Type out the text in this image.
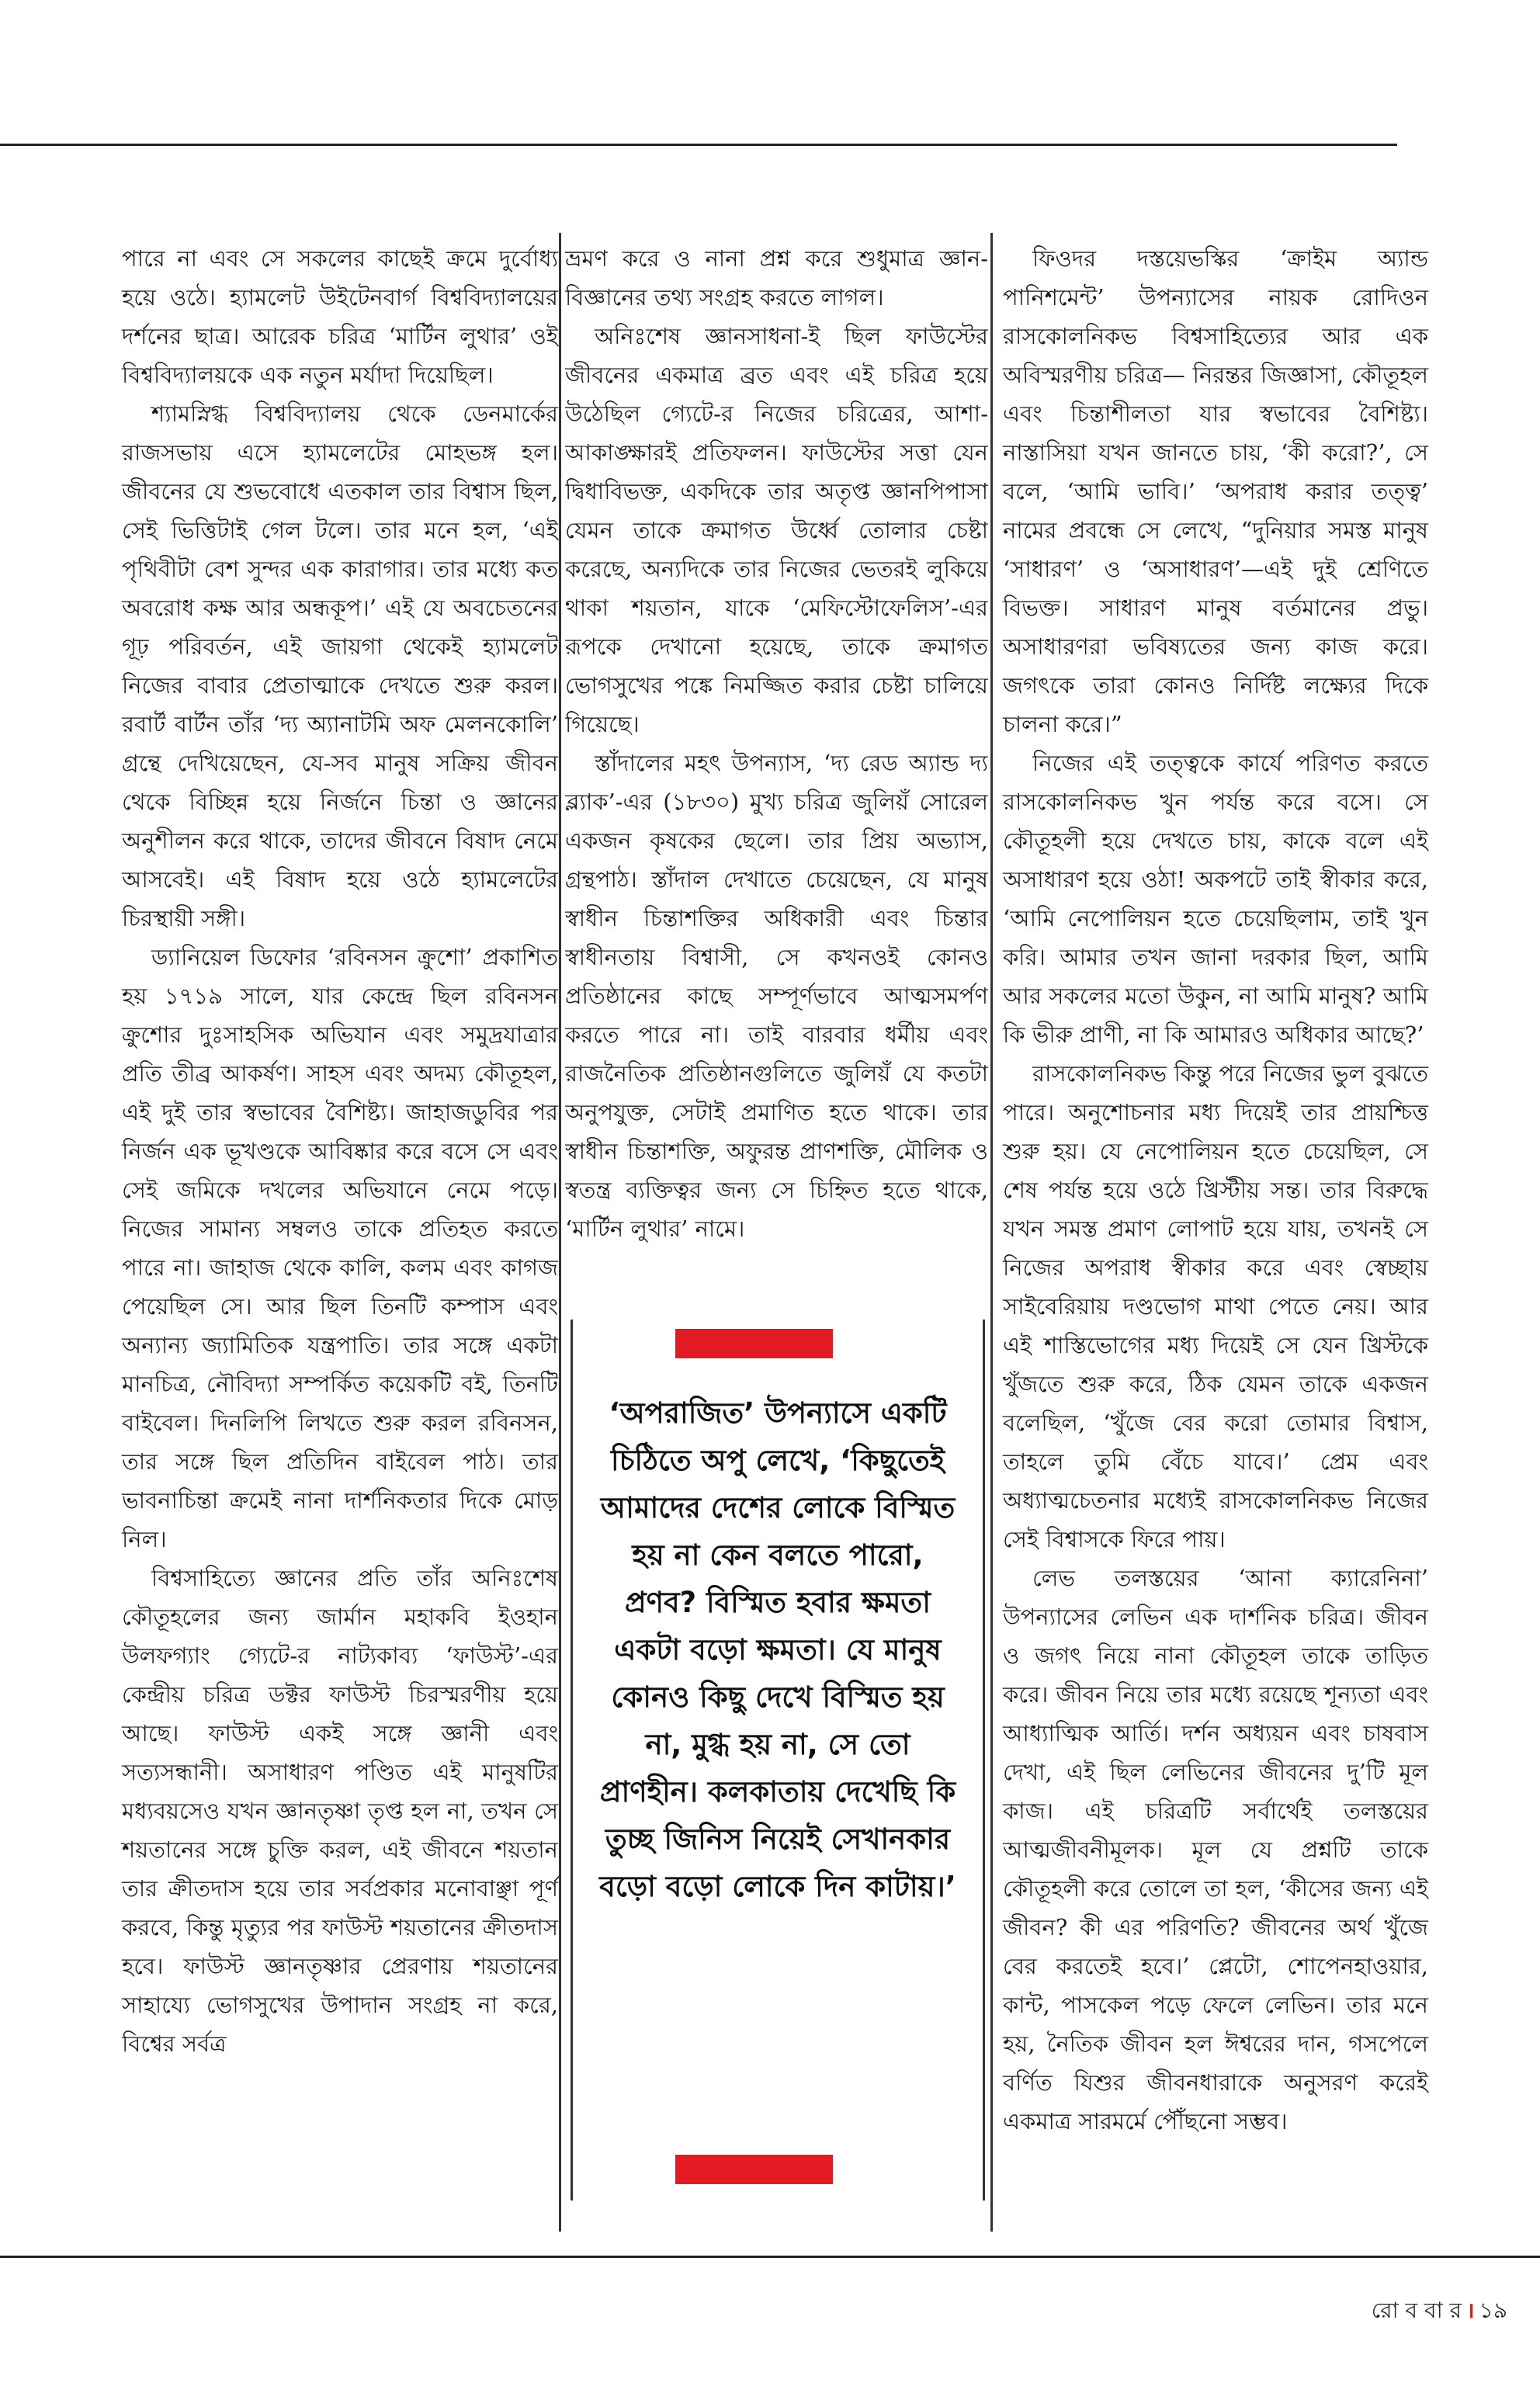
পারে না এবং সে সকলের কাছেই ক্রমে দুর্বোধ্য হয়ে ওঠে। হ্যামলেট উইটেনবার্গ বিশ্ববিদ্যালয়ের দর্শনের ছাত্র। আরেক চরিত্র ‘মার্টিন লুথার’ ওই বিশ্ববিদ্যালয়কে এক নতুন মর্যাদা দিয়েছিল।

শ্যামস্নিগ্ধ বিশ্ববিদ্যালয় থেকে ডেনমার্কের রাজসভায় এসে হ্যামলেটের মোহভঙ্গ হল। জীবনের যে শুভবোধে এতকাল তার বিশ্বাস ছিল, সেই ভিত্তিটাই গেল টলে। তার মনে হল, ‘এই পৃথিবীটা বেশ সুন্দর এক কারাগার। তার মধ্যে কত অবরোধ কক্ষ আর অন্ধকূপ।’ এই যে অবচেতনের গূঢ় পরিবর্তন, এই জায়গা থেকেই হ্যামলেট নিজের বাবার প্রেতাত্মাকে দেখতে শুরু করল। রবার্ট বার্টন তাঁর ‘দ্য অ্যানাটমি অফ মেলনকোলি’ গ্রন্থে দেখিয়েছেন, যে-সব মানুষ সক্রিয় জীবন থেকে বিচ্ছিন্ন হয়ে নির্জনে চিন্তা ও জ্ঞানের অনুশীলন করে থাকে, তাদের জীবনে বিষাদ নেমে আসবেই। এই বিষাদ হয়ে ওঠে হ্যামলেটের চিরস্থায়ী সঙ্গী।

ড্যানিয়েল ডিফোর ‘রবিনসন ক্রুশো’ প্রকাশিত হয় ১৭১৯ সালে, যার কেন্দ্রে ছিল রবিনসন ক্রুশোর দুঃসাহসিক অভিযান এবং সমুদ্রযাত্রার প্রতি তীব্র আকর্ষণ। সাহস এবং অদম্য কৌতূহল, এই দুই তার স্বভাবের বৈশিষ্ট্য। জাহাজডুবির পর নির্জন এক ভূখণ্ডকে আবিষ্কার করে বসে সে এবং সেই জমিকে দখলের অভিযানে নেমে পড়ে। নিজের সামান্য সম্বলও তাকে প্রতিহত করতে পারে না। জাহাজ থেকে কালি, কলম এবং কাগজ পেয়েছিল সে। আর ছিল তিনটি কম্পাস এবং অন্যান্য জ্যামিতিক যন্ত্রপাতি। তার সঙ্গে একটা মানচিত্র, নৌবিদ্যা সম্পর্কিত কয়েকটি বই, তিনটি বাইবেল। দিনলিপি লিখতে শুরু করল রবিনসন, তার সঙ্গে ছিল প্রতিদিন বাইবেল পাঠ। তার ভাবনাচিন্তা ক্রমেই নানা দার্শনিকতার দিকে মোড় নিল।

বিশ্বসাহিত্যে জ্ঞানের প্রতি তাঁর অনিঃশেষ কৌতূহলের জন্য জার্মান মহাকবি ইওহান উলফগ্যাং গ্যেটে-র নাট্যকাব্য ‘ফাউস্ট’-এর কেন্দ্রীয় চরিত্র ডক্টর ফাউস্ট চিরস্মরণীয় হয়ে আছে। ফাউস্ট একই সঙ্গে জ্ঞানী এবং সত্যসন্ধানী। অসাধারণ পণ্ডিত এই মানুষটির মধ্যবয়সেও যখন জ্ঞানতৃষ্ণা তৃপ্ত হল না, তখন সে শয়তানের সঙ্গে চুক্তি করল, এই জীবনে শয়তান তার ক্রীতদাস হয়ে তার সর্বপ্রকার মনোবাঞ্ছা পূর্ণ করবে, কিন্তু মৃত্যুর পর ফাউস্ট শয়তানের ক্রীতদাস হবে। ফাউস্ট জ্ঞানতৃষ্ণার প্রেরণায় শয়তানের সাহায্যে ভোগসুখের উপাদান সংগ্রহ না করে, বিশ্বের সর্বত্র

ভ্রমণ করে ও নানা প্রশ্ন করে শুধুমাত্র জ্ঞান-বিজ্ঞানের তথ্য সংগ্রহ করতে লাগল।

অনিঃশেষ জ্ঞানসাধনা-ই ছিল ফাউস্টের জীবনের একমাত্র ব্রত এবং এই চরিত্র হয়ে উঠেছিল গ্যেটে-র নিজের চরিত্রের, আশা-আকাঙ্ক্ষারই প্রতিফলন। ফাউস্টের সত্তা যেন দ্বিধাবিভক্ত, একদিকে তার অতৃপ্ত জ্ঞানপিপাসা যেমন তাকে ক্রমাগত উর্ধ্বে তোলার চেষ্টা করেছে, অন্যদিকে তার নিজের ভেতরই লুকিয়ে থাকা শয়তান, যাকে ‘মেফিস্টোফেলিস’-এর রূপকে দেখানো হয়েছে, তাকে ক্রমাগত ভোগসুখের পঙ্কে নিমজ্জিত করার চেষ্টা চালিয়ে গিয়েছে।

স্তাঁদালের মহৎ উপন্যাস, ‘দ্য রেড অ্যান্ড দ্য ব্ল্যাক’-এর (১৮৩০) মুখ্য চরিত্র জুলিয়ঁ সোরেল একজন কৃষকের ছেলে। তার প্রিয় অভ্যাস, গ্রন্থপাঠ। স্তাঁদাল দেখাতে চেয়েছেন, যে মানুষ স্বাধীন চিন্তাশক্তির অধিকারী এবং চিন্তার স্বাধীনতায় বিশ্বাসী, সে কখনওই কোনও প্রতিষ্ঠানের কাছে সম্পূর্ণভাবে আত্মসমর্পণ করতে পারে না। তাই বারবার ধর্মীয় এবং রাজনৈতিক প্রতিষ্ঠানগুলিতে জুলিয়ঁ যে কতটা অনুপযুক্ত, সেটাই প্রমাণিত হতে থাকে। তার স্বাধীন চিন্তাশক্তি, অফুরন্ত প্রাণশক্তি, মৌলিক ও স্বতন্ত্র ব্যক্তিত্বর জন্য সে চিহ্নিত হতে থাকে, ‘মার্টিন লুথার’ নামে।

‘অপরাজিত’ উপন্যাসে একটি চিঠিতে অপু লেখে, ‘কিছুতেই আমাদের দেশের লোকে বিস্মিত হয় না কেন বলতে পারো, প্রণব? বিস্মিত হবার ক্ষমতা একটা বড়ো ক্ষমতা। যে মানুষ কোনও কিছু দেখে বিস্মিত হয় না, মুগ্ধ হয় না, সে তো প্রাণহীন। কলকাতায় দেখেছি কি তুচ্ছ জিনিস নিয়েই সেখানকার বড়ো বড়ো লোকে দিন কাটায়।’

ফিওদর দস্তয়েভস্কির ‘ক্রাইম অ্যান্ড পানিশমেন্ট’ উপন্যাসের নায়ক রোদিওন রাসকোলনিকভ বিশ্বসাহিত্যের আর এক অবিস্মরণীয় চরিত্র— নিরন্তর জিজ্ঞাসা, কৌতূহল এবং চিন্তাশীলতা যার স্বভাবের বৈশিষ্ট্য। নাস্তাসিয়া যখন জানতে চায়, ‘কী করো?’, সে বলে, ‘আমি ভাবি।’ ‘অপরাধ করার তত্ত্ব’ নামের প্রবন্ধে সে লেখে, “দুনিয়ার সমস্ত মানুষ ‘সাধারণ’ ও ‘অসাধারণ’—এই দুই শ্রেণিতে বিভক্ত। সাধারণ মানুষ বর্তমানের প্রভু। অসাধারণরা ভবিষ্যতের জন্য কাজ করে। জগৎকে তারা কোনও নির্দিষ্ট লক্ষ্যের দিকে চালনা করে।”

নিজের এই তত্ত্বকে কার্যে পরিণত করতে রাসকোলনিকভ খুন পর্যন্ত করে বসে। সে কৌতূহলী হয়ে দেখতে চায়, কাকে বলে এই অসাধারণ হয়ে ওঠা! অকপটে তাই স্বীকার করে, ‘আমি নেপোলিয়ন হতে চেয়েছিলাম, তাই খুন করি। আমার তখন জানা দরকার ছিল, আমি আর সকলের মতো উকুন, না আমি মানুষ? আমি কি ভীরু প্রাণী, না কি আমারও অধিকার আছে?’

রাসকোলনিকভ কিন্তু পরে নিজের ভুল বুঝতে পারে। অনুশোচনার মধ্য দিয়েই তার প্রায়শ্চিত্ত শুরু হয়। যে নেপোলিয়ন হতে চেয়েছিল, সে শেষ পর্যন্ত হয়ে ওঠে খ্রিস্টীয় সন্ত। তার বিরুদ্ধে যখন সমস্ত প্রমাণ লোপাট হয়ে যায়, তখনই সে নিজের অপরাধ স্বীকার করে এবং স্বেচ্ছায় সাইবেরিয়ায় দণ্ডভোগ মাথা পেতে নেয়। আর এই শাস্তিভোগের মধ্য দিয়েই সে যেন খ্রিস্টকে খুঁজতে শুরু করে, ঠিক যেমন তাকে একজন বলেছিল, ‘খুঁজে বের করো তোমার বিশ্বাস, তাহলে তুমি বেঁচে যাবে।’ প্রেম এবং অধ্যাত্মচেতনার মধ্যেই রাসকোলনিকভ নিজের সেই বিশ্বাসকে ফিরে পায়।

লেভ তলস্তয়ের ‘আনা ক্যারেনিনা’ উপন্যাসের লেভিন এক দার্শনিক চরিত্র। জীবন ও জগৎ নিয়ে নানা কৌতূহল তাকে তাড়িত করে। জীবন নিয়ে তার মধ্যে রয়েছে শূন্যতা এবং আধ্যাত্মিক আর্তি। দর্শন অধ্যয়ন এবং চাষবাস দেখা, এই ছিল লেভিনের জীবনের দু’টি মূল কাজ। এই চরিত্রটি সর্বার্থেই তলস্তয়ের আত্মজীবনীমূলক। মূল যে প্রশ্নটি তাকে কৌতূহলী করে তোলে তা হল, ‘কীসের জন্য এই জীবন? কী এর পরিণতি? জীবনের অর্থ খুঁজে বের করতেই হবে।’ প্লেটো, শোপেনহাওয়ার, কান্ট, পাসকেল পড়ে ফেলে লেভিন। তার মনে হয়, নৈতিক জীবন হল ঈশ্বরের দান, গসপেলে বর্ণিত যিশুর জীবনধারাকে অনুসরণ করেই একমাত্র সারমর্মে পৌঁছনো সম্ভব।

রো ব বা র । ১৯
